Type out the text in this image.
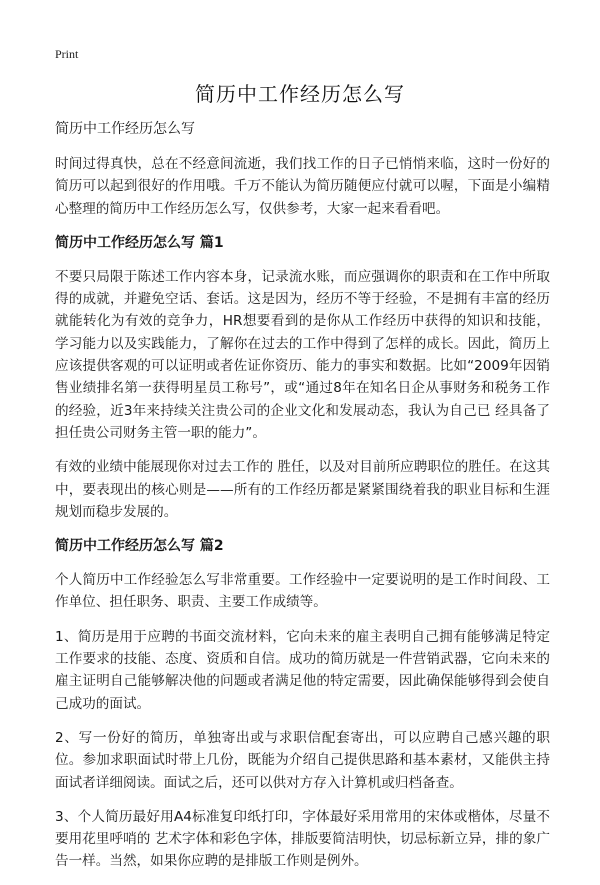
Print
简历中工作经历怎么写

简历中工作经历怎么写

时间过得真快，总在不经意间流逝，我们找工作的日子已悄悄来临，这时一份好的简历可以起到很好的作用哦。千万不能认为简历随便应付就可以喔，下面是小编精心整理的简历中工作经历怎么写，仅供参考，大家一起来看看吧。

简历中工作经历怎么写 篇1

不要只局限于陈述工作内容本身，记录流水账，而应强调你的职责和在工作中所取得的成就，并避免空话、套话。这是因为，经历不等于经验，不是拥有丰富的经历就能转化为有效的竞争力，HR想要看到的是你从工作经历中获得的知识和技能，学习能力以及实践能力，了解你在过去的工作中得到了怎样的成长。因此，简历上应该提供客观的可以证明或者佐证你资历、能力的事实和数据。比如“2009年因销售业绩排名第一获得明星员工称号”，或“通过8年在知名日企从事财务和税务工作的经验，近3年来持续关注贵公司的企业文化和发展动态，我认为自己已 经具备了担任贵公司财务主管一职的能力”。

有效的业绩中能展现你对过去工作的 胜任，以及对目前所应聘职位的胜任。在这其中，要表现出的核心则是——所有的工作经历都是紧紧围绕着我的职业目标和生涯规划而稳步发展的。

简历中工作经历怎么写 篇2

个人简历中工作经验怎么写非常重要。工作经验中一定要说明的是工作时间段、工作单位、担任职务、职责、主要工作成绩等。

1、简历是用于应聘的书面交流材料，它向未来的雇主表明自己拥有能够满足特定工作要求的技能、态度、资质和自信。成功的简历就是一件营销武器，它向未来的雇主证明自己能够解决他的问题或者满足他的特定需要，因此确保能够得到会使自己成功的面试。

2、写一份好的简历，单独寄出或与求职信配套寄出，可以应聘自己感兴趣的职位。参加求职面试时带上几份，既能为介绍自己提供思路和基本素材，又能供主持面试者详细阅读。面试之后，还可以供对方存入计算机或归档备查。

3、个人简历最好用A4标准复印纸打印，字体最好采用常用的宋体或楷体，尽量不要用花里呼哨的 艺术字体和彩色字体，排版要简洁明快，切忌标新立异，排的象广告一样。当然，如果你应聘的是排版工作则是例外。
